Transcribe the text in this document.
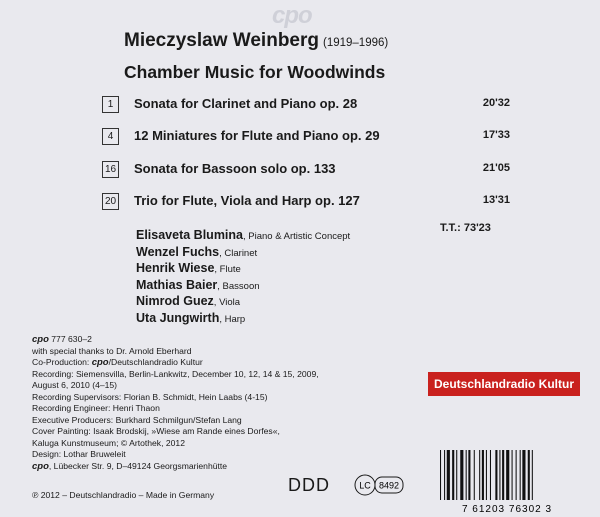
cpo
Mieczyslaw Weinberg (1919–1996)
Chamber Music for Woodwinds
1	Sonata for Clarinet and Piano op. 28	20'32
4	12 Miniatures for Flute and Piano op. 29	17'33
16 Sonata for Bassoon solo op. 133	21'05
20 Trio for Flute, Viola and Harp op. 127	13'31
T.T.: 73'23
Elisaveta Blumina, Piano & Artistic Concept
Wenzel Fuchs, Clarinet
Henrik Wiese, Flute
Mathias Baier, Bassoon
Nimrod Guez, Viola
Uta Jungwirth, Harp
cpo 777 630–2
with special thanks to Dr. Arnold Eberhard
Co-Production: cpo/Deutschlandradio Kultur
Recording: Siemensvilla, Berlin-Lankwitz, December 10, 12, 14 & 15, 2009,
August 6, 2010 (4–15)
Recording Supervisors: Florian B. Schmidt, Hein Laabs (4-15)
Recording Engineer: Henri Thaon
Executive Producers: Burkhard Schmilgun/Stefan Lang
Cover Painting: Isaak Brodskij, »Wiese am Rande eines Dorfes«,
Kaluga Kunstmuseum; © Artothek, 2012
Design: Lothar Bruweleit
cpo, Lübecker Str. 9, D–49124 Georgsmarienhütte
℗ 2012 – Deutschlandradio – Made in Germany
Deutschlandradio Kultur
DDD	LC 8492
7 61203 76302 3
